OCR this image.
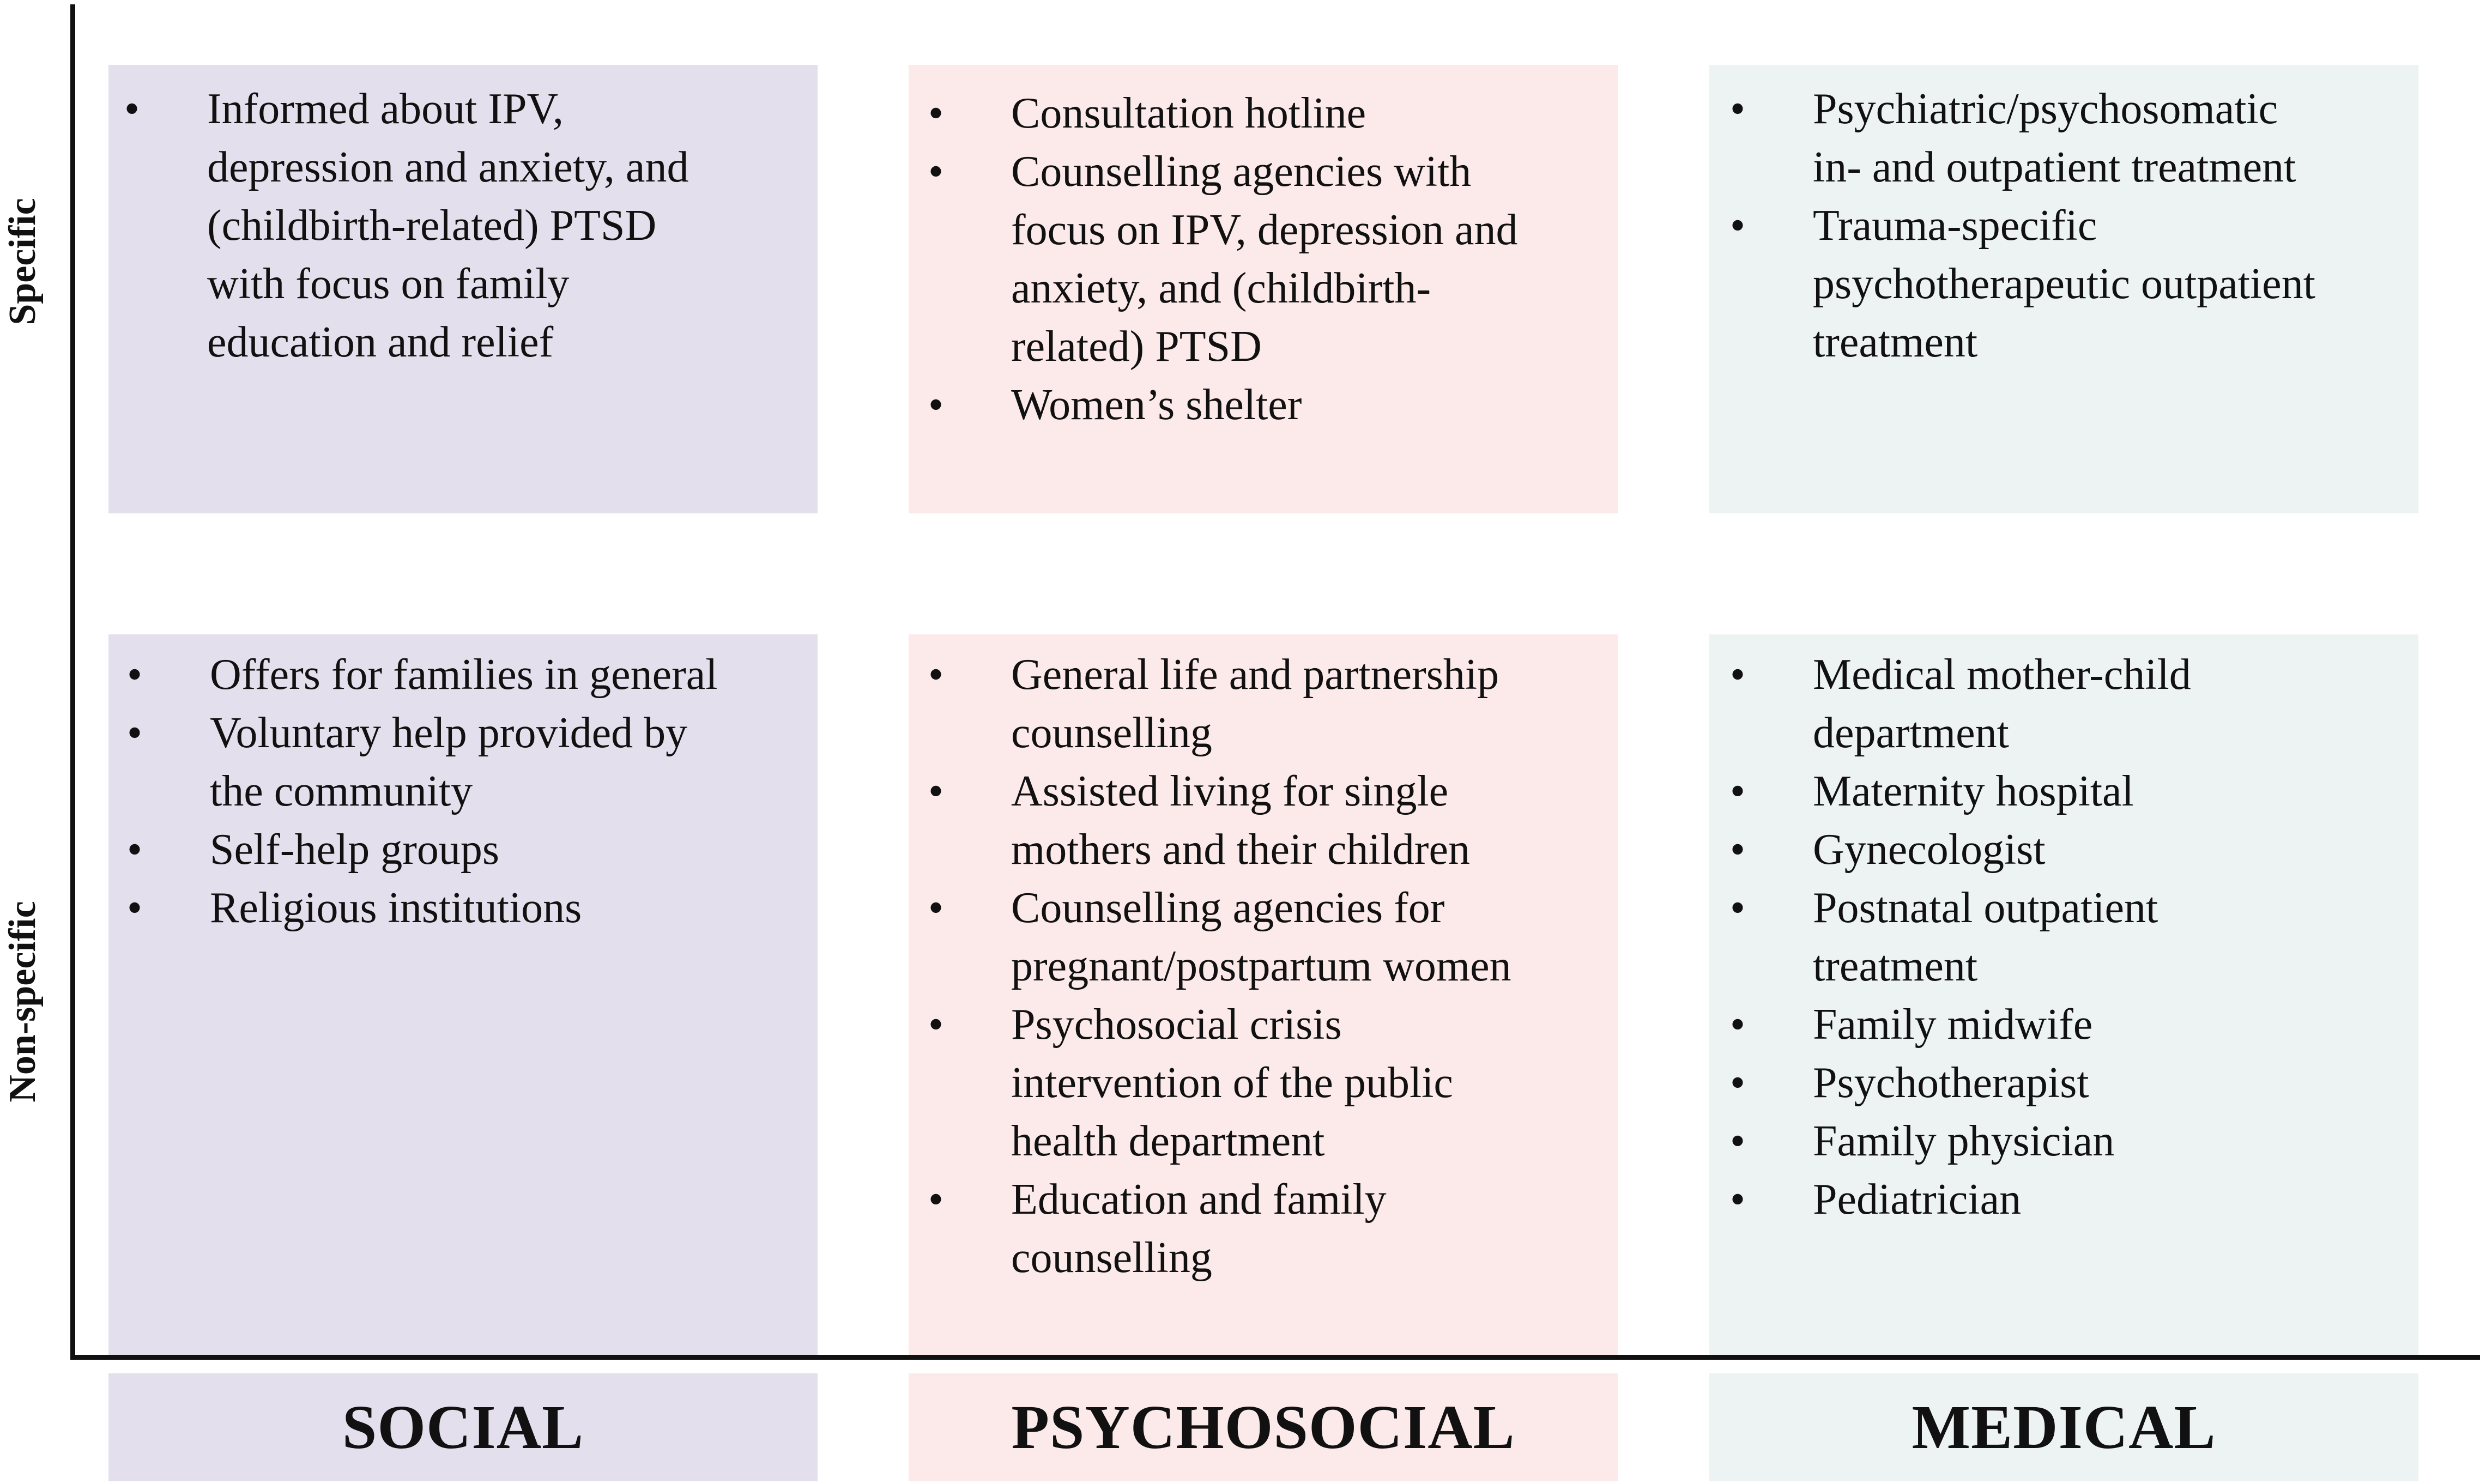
Specific
Non-specific
• Informed about IPV,
depression and anxiety, and
(childbirth-related) PTSD
with focus on family
education and relief
• Consultation hotline
• Counselling agencies with
focus on IPV, depression and
anxiety, and (childbirth-
related) PTSD
• Women’s shelter
• Psychiatric/psychosomatic
in- and outpatient treatment
• Trauma-specific
psychotherapeutic outpatient
treatment
• Offers for families in general
• Voluntary help provided by
the community
• Self-help groups
• Religious institutions
• General life and partnership
counselling
• Assisted living for single
mothers and their children
• Counselling agencies for
pregnant/postpartum women
• Psychosocial crisis
intervention of the public
health department
• Education and family
counselling
• Medical mother-child
department
• Maternity hospital
• Gynecologist
• Postnatal outpatient
treatment
• Family midwife
• Psychotherapist
• Family physician
• Pediatrician
SOCIAL	PSYCHOSOCIAL	MEDICAL
